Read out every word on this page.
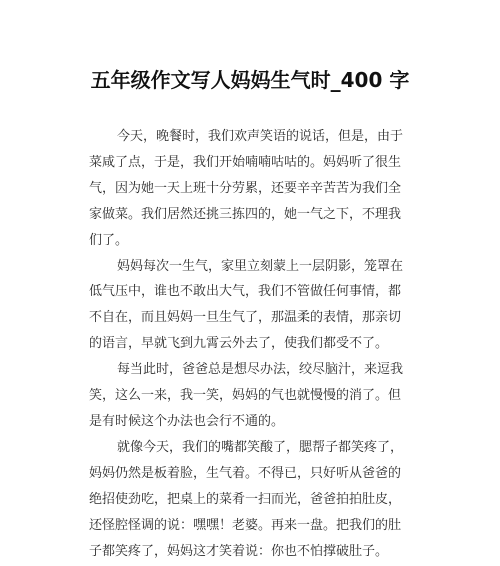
五年级作文写人妈妈生气时_400 字
今天，晚餐时，我们欢声笑语的说话，但是，由于
菜咸了点，于是，我们开始喃喃咕咕的。妈妈听了很生
气，因为她一天上班十分劳累，还要辛辛苦苦为我们全
家做菜。我们居然还挑三拣四的，她一气之下，不理我
们了。
妈妈每次一生气，家里立刻蒙上一层阴影，笼罩在
低气压中，谁也不敢出大气，我们不管做任何事情，都
不自在，而且妈妈一旦生气了，那温柔的表情，那亲切
的语言，早就飞到九霄云外去了，使我们都受不了。
每当此时，爸爸总是想尽办法，绞尽脑汁，来逗我
笑，这么一来，我一笑，妈妈的气也就慢慢的消了。但
是有时候这个办法也会行不通的。
就像今天，我们的嘴都笑酸了，腮帮子都笑疼了，
妈妈仍然是板着脸，生气着。不得已，只好听从爸爸的
绝招使劲吃，把桌上的菜肴一扫而光，爸爸拍拍肚皮，
还怪腔怪调的说：嘿嘿！老婆。再来一盘。把我们的肚
子都笑疼了，妈妈这才笑着说：你也不怕撑破肚子。
